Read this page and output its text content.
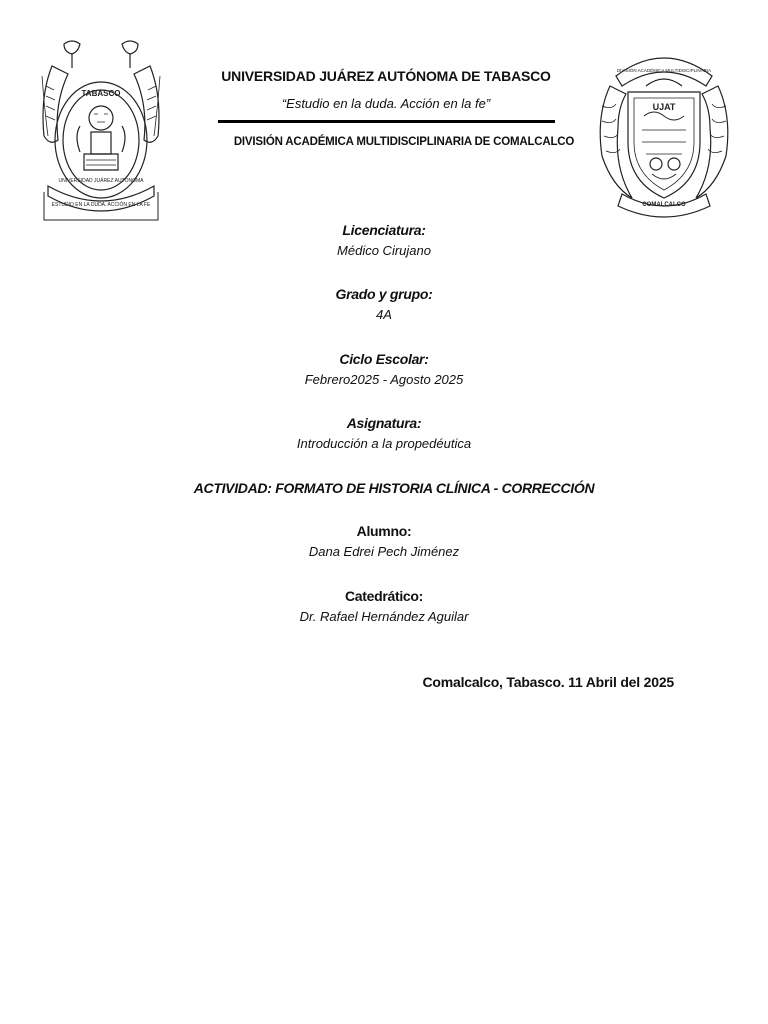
TABASCO
UNIVERSIDAD JUÁREZ AUTÓNOMA
ESTUDIO EN LA DUDA. ACCIÓN EN LA FE
DIVISIÓN ACADÉMICA MULTIDISCIPLINARIA
UJAT
COMALCALCO
UNIVERSIDAD JUÁREZ AUTÓNOMA DE TABASCO
“Estudio en la duda. Acción en la fe”
DIVISIÓN ACADÉMICA MULTIDISCIPLINARIA DE COMALCALCO
Licenciatura:
Médico Cirujano
Grado y grupo:
4A
Ciclo Escolar:
Febrero2025 - Agosto 2025
Asignatura:
Introducción a la propedéutica
ACTIVIDAD: FORMATO DE HISTORIA CLÍNICA - CORRECCIÓN
Alumno:
Dana Edrei Pech Jiménez
Catedrático:
Dr. Rafael Hernández Aguilar
Comalcalco, Tabasco. 11 Abril del 2025
